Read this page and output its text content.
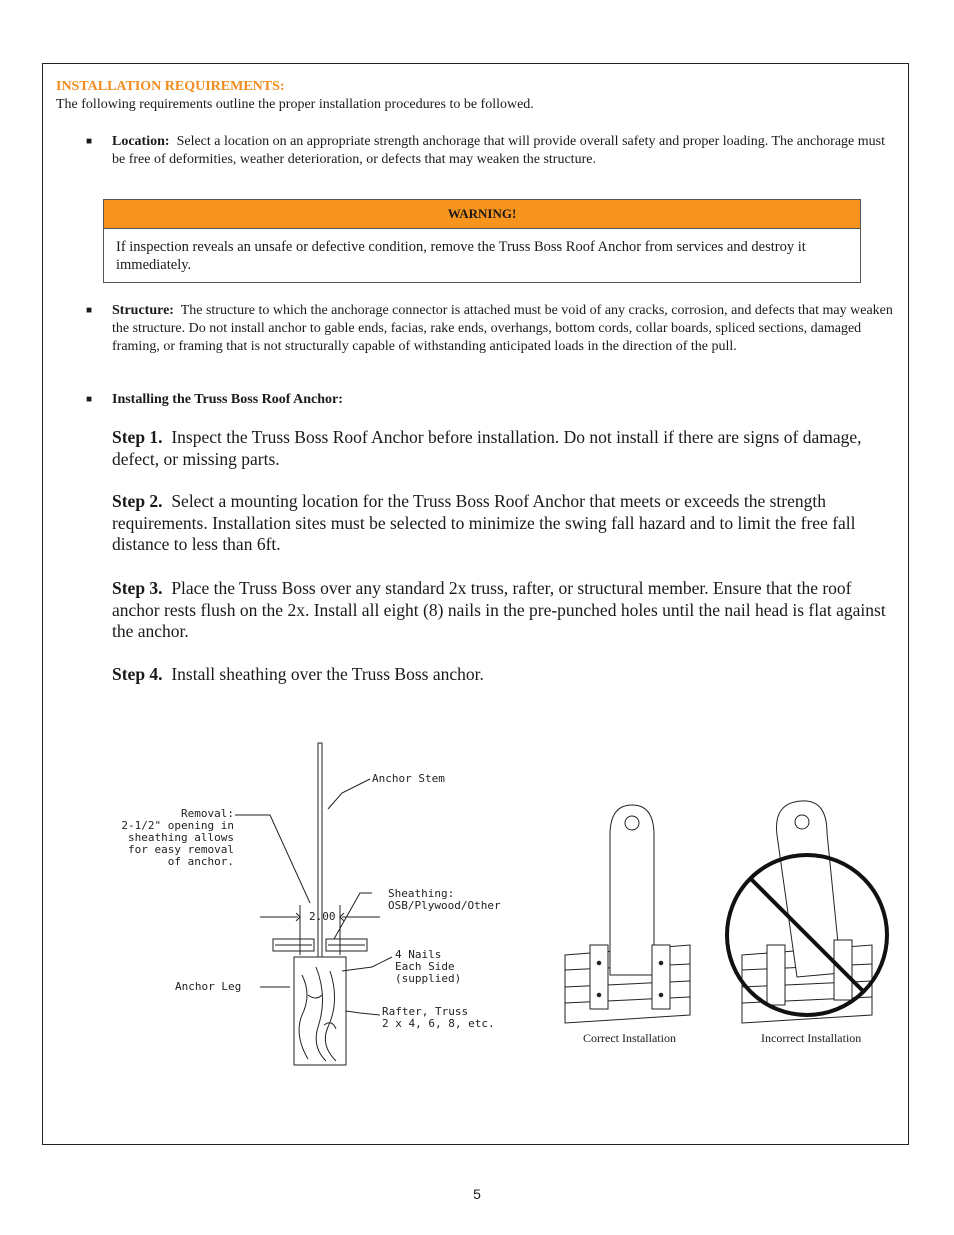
INSTALLATION REQUIREMENTS:
The following requirements outline the proper installation procedures to be followed.
■ Location: Select a location on an appropriate strength anchorage that will provide overall safety and proper loading. The anchorage must be free of deformities, weather deterioration, or defects that may weaken the structure.
WARNING!
If inspection reveals an unsafe or defective condition, remove the Truss Boss Roof Anchor from services and destroy it immediately.
■ Structure: The structure to which the anchorage connector is attached must be void of any cracks, corrosion, and defects that may weaken the structure. Do not install anchor to gable ends, facias, rake ends, overhangs, bottom cords, collar boards, spliced sections, damaged framing, or framing that is not structurally capable of withstanding anticipated loads in the direction of the pull.
■ Installing the Truss Boss Roof Anchor:
Step 1. Inspect the Truss Boss Roof Anchor before installation. Do not install if there are signs of damage, defect, or missing parts.
Step 2. Select a mounting location for the Truss Boss Roof Anchor that meets or exceeds the strength requirements. Installation sites must be selected to minimize the swing fall hazard and to limit the free fall distance to less than 6ft.
Step 3. Place the Truss Boss over any standard 2x truss, rafter, or structural member. Ensure that the roof anchor rests flush on the 2x. Install all eight (8) nails in the pre-punched holes until the nail head is flat against the anchor.
Step 4. Install sheathing over the Truss Boss anchor.
Anchor Stem
Removal:
2-1/2" opening in
sheathing allows
for easy removal
of anchor.
2.00
Sheathing:
OSB/Plywood/Other
4 Nails
Each Side
(supplied)
Anchor Leg
Rafter, Truss
2 x 4, 6, 8, etc.
Correct Installation	Incorrect Installation
5
